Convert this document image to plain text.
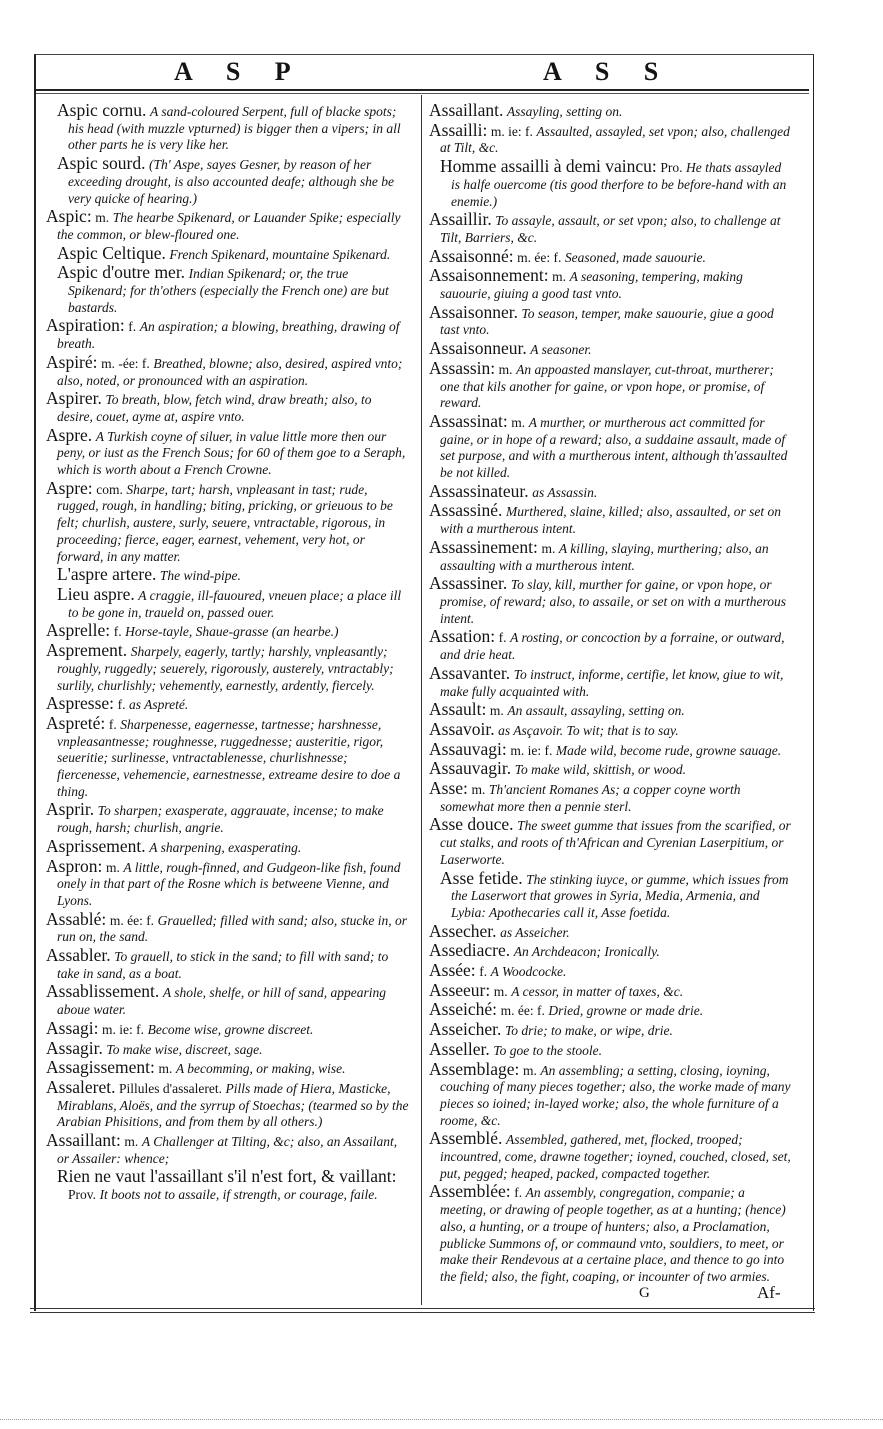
A S P	A S S

Aspic cornu. A sand-coloured Serpent, full of blacke spots; his head (with muzzle vpturned) is bigger then a vipers; in all other parts he is very like her.

Aspic sourd. (Th' Aspe, sayes Gesner, by reason of her exceeding drought, is also accounted deafe; although she be very quicke of hearing.)

Aspic: m. The hearbe Spikenard, or Lauander Spike; especially the common, or blew-floured one.

Aspic Celtique. French Spikenard, mountaine Spikenard.

Aspic d'outre mer. Indian Spikenard; or, the true Spikenard; for th'others (especially the French one) are but bastards.

Aspiration: f. An aspiration; a blowing, breathing, drawing of breath.

Aspiré: m. -ée: f. Breathed, blowne; also, desired, aspired vnto; also, noted, or pronounced with an aspiration.

Aspirer. To breath, blow, fetch wind, draw breath; also, to desire, couet, ayme at, aspire vnto.

Aspre. A Turkish coyne of siluer, in value little more then our peny, or iust as the French Sous; for 60 of them goe to a Seraph, which is worth about a French Crowne.

Aspre: com. Sharpe, tart; harsh, vnpleasant in tast; rude, rugged, rough, in handling; biting, pricking, or grieuous to be felt; churlish, austere, surly, seuere, vntractable, rigorous, in proceeding; fierce, eager, earnest, vehement, very hot, or forward, in any matter.

L'aspre artere. The wind-pipe.

Lieu aspre. A craggie, ill-fauoured, vneuen place; a place ill to be gone in, traueld on, passed ouer.

Asprelle: f. Horse-tayle, Shaue-grasse (an hearbe.)

Asprement. Sharpely, eagerly, tartly; harshly, vnpleasantly; roughly, ruggedly; seuerely, rigorously, austerely, vntractably; surlily, churlishly; vehemently, earnestly, ardently, fiercely.

Aspresse: f. as Aspreté.

Aspreté: f. Sharpenesse, eagernesse, tartnesse; harshnesse, vnpleasantnesse; roughnesse, ruggednesse; austeritie, rigor, seueritie; surlinesse, vntractablenesse, churlishnesse; fiercenesse, vehemencie, earnestnesse, extreame desire to doe a thing.

Asprir. To sharpen; exasperate, aggrauate, incense; to make rough, harsh; churlish, angrie.

Asprissement. A sharpening, exasperating.

Aspron: m. A little, rough-finned, and Gudgeon-like fish, found onely in that part of the Rosne which is betweene Vienne, and Lyons.

Assablé: m. ée: f. Grauelled; filled with sand; also, stucke in, or run on, the sand.

Assabler. To grauell, to stick in the sand; to fill with sand; to take in sand, as a boat.

Assablissement. A shole, shelfe, or hill of sand, appearing aboue water.

Assagi: m. ie: f. Become wise, growne discreet.

Assagir. To make wise, discreet, sage.

Assagissement: m. A becomming, or making, wise.

Assaleret. Pillules d'assaleret. Pills made of Hiera, Masticke, Mirablans, Aloës, and the syrrup of Stoechas; (tearmed so by the Arabian Phisitions, and from them by all others.)

Assaillant: m. A Challenger at Tilting, &c; also, an Assailant, or Assailer: whence;

Rien ne vaut l'assaillant s'il n'est fort, & vaillant: Prov. It boots not to assaile, if strength, or courage, faile.

Assaillant. Assayling, setting on.

Assailli: m. ie: f. Assaulted, assayled, set vpon; also, challenged at Tilt, &c.

Homme assailli à demi vaincu: Pro. He thats assayled is halfe ouercome (tis good therfore to be before-hand with an enemie.)

Assaillir. To assayle, assault, or set vpon; also, to challenge at Tilt, Barriers, &c.

Assaisonné: m. ée: f. Seasoned, made sauourie.

Assaisonnement: m. A seasoning, tempering, making sauourie, giuing a good tast vnto.

Assaisonner. To season, temper, make sauourie, giue a good tast vnto.

Assaisonneur. A seasoner.

Assassin: m. An appoasted manslayer, cut-throat, murtherer; one that kils another for gaine, or vpon hope, or promise, of reward.

Assassinat: m. A murther, or murtherous act committed for gaine, or in hope of a reward; also, a suddaine assault, made of set purpose, and with a murtherous intent, although th'assaulted be not killed.

Assassinateur. as Assassin.

Assassiné. Murthered, slaine, killed; also, assaulted, or set on with a murtherous intent.

Assassinement: m. A killing, slaying, murthering; also, an assaulting with a murtherous intent.

Assassiner. To slay, kill, murther for gaine, or vpon hope, or promise, of reward; also, to assaile, or set on with a murtherous intent.

Assation: f. A rosting, or concoction by a forraine, or outward, and drie heat.

Assavanter. To instruct, informe, certifie, let know, giue to wit, make fully acquainted with.

Assault: m. An assault, assayling, setting on.

Assavoir. as Asçavoir. To wit; that is to say.

Assauvagi: m. ie: f. Made wild, become rude, growne sauage.

Assauvagir. To make wild, skittish, or wood.

Asse: m. Th'ancient Romanes As; a copper coyne worth somewhat more then a pennie sterl.

Asse douce. The sweet gumme that issues from the scarified, or cut stalks, and roots of th'African and Cyrenian Laserpitium, or Laserworte.

Asse fetide. The stinking iuyce, or gumme, which issues from the Laserwort that growes in Syria, Media, Armenia, and Lybia: Apothecaries call it, Asse foetida.

Assecher. as Asseicher.

Assediacre. An Archdeacon; Ironically.

Assée: f. A Woodcocke.

Asseeur: m. A cessor, in matter of taxes, &c.

Asseiché: m. ée: f. Dried, growne or made drie.

Asseicher. To drie; to make, or wipe, drie.

Asseller. To goe to the stoole.

Assemblage: m. An assembling; a setting, closing, ioyning, couching of many pieces together; also, the worke made of many pieces so ioined; in-layed worke; also, the whole furniture of a roome, &c.

Assemblé. Assembled, gathered, met, flocked, trooped; incountred, come, drawne together; ioyned, couched, closed, set, put, pegged; heaped, packed, compacted together.

Assemblée: f. An assembly, congregation, companie; a meeting, or drawing of people together, as at a hunting; (hence) also, a hunting, or a troupe of hunters; also, a Proclamation, publicke Summons of, or commaund vnto, souldiers, to meet, or make their Rendevous at a certaine place, and thence to go into the field; also, the fight, coaping, or incounter of two armies.

G	Af-
